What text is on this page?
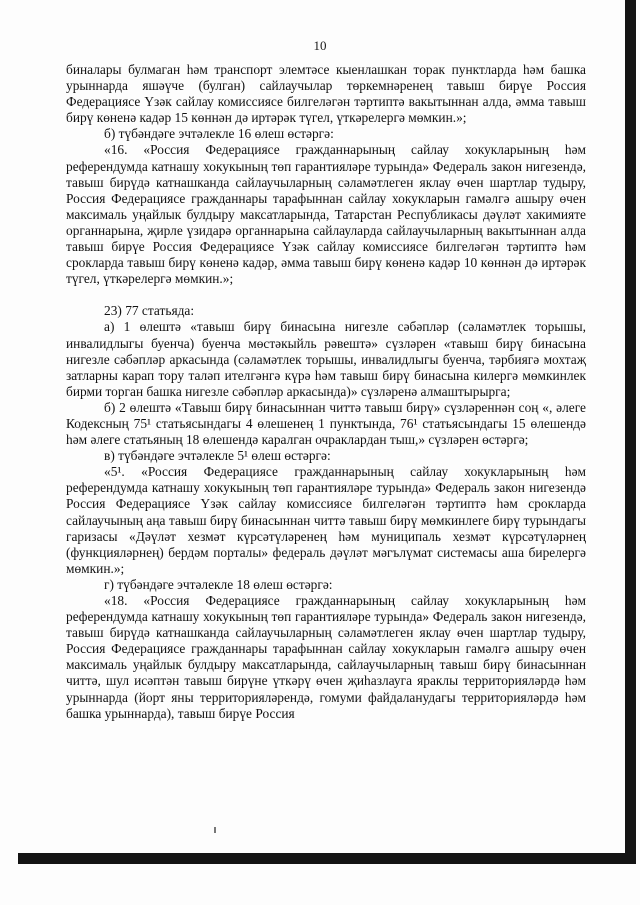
10

биналары булмаган һәм транспорт элемтәсе кыенлашкан торак пунктларда һәм башка урыннарда яшәүче (булган) сайлаучылар төркемнәренең тавыш бирүе Россия Федерациясе Үзәк сайлау комиссиясе билгеләгән тәртиптә вакытыннан алда, әмма тавыш бирү көненә кадәр 15 көннән дә иртәрәк түгел, үткәрелергә мөмкин.»;

б) түбәндәге эчтәлекле 16 өлеш өстәргә:

«16. «Россия Федерациясе гражданнарының сайлау хокукларының һәм референдумда катнашу хокукының төп гарантияләре турында» Федераль закон нигезендә, тавыш бирүдә катнашканда сайлаучыларның сәламәтлеген яклау өчен шартлар тудыру, Россия Федерациясе гражданнары тарафыннан сайлау хокукларын гамәлгә ашыру өчен максималь уңайлык булдыру максатларында, Татарстан Республикасы дәүләт хакимияте органнарына, җирле үзидарә органнарына сайлауларда сайлаучыларның вакытыннан алда тавыш бирүе Россия Федерациясе Үзәк сайлау комиссиясе билгеләгән тәртиптә һәм срокларда тавыш бирү көненә кадәр, әмма тавыш бирү көненә кадәр 10 көннән дә иртәрәк түгел, үткәрелергә мөмкин.»;

23) 77 статьяда:

а) 1 өлештә «тавыш бирү бинасына нигезле сәбәпләр (сәламәтлек торышы, инвалидлыгы буенча) буенча мөстәкыйль рәвештә» сүзләрен «тавыш бирү бинасына нигезле сәбәпләр аркасында (сәламәтлек торышы, инвалидлыгы буенча, тәрбиягә мохтаҗ затларны карап тору таләп ителгәнгә күрә һәм тавыш бирү бинасына килергә мөмкинлек бирми торган башка нигезле сәбәпләр аркасында)» сүзләренә алмаштырырга;

б) 2 өлештә «Тавыш бирү бинасыннан читтә тавыш бирү» сүзләреннән соң «, әлеге Кодексның 75¹ статьясындагы 4 өлешенең 1 пунктында, 76¹ статьясындагы 15 өлешендә һәм әлеге статьяның 18 өлешендә каралган очраклардан тыш,» сүзләрен өстәргә;

в) түбәндәге эчтәлекле 5¹ өлеш өстәргә:

«5¹. «Россия Федерациясе гражданнарының сайлау хокукларының һәм референдумда катнашу хокукының төп гарантияләре турында» Федераль закон нигезендә Россия Федерациясе Үзәк сайлау комиссиясе билгеләгән тәртиптә һәм срокларда сайлаучының аңа тавыш бирү бинасыннан читтә тавыш бирү мөмкинлеге бирү турындагы гаризасы «Дәүләт хезмәт күрсәтүләренең һәм муниципаль хезмәт күрсәтүләрнең (функцияләрнең) бердәм порталы» федераль дәүләт мәгълүмат системасы аша бирелергә мөмкин.»;

г) түбәндәге эчтәлекле 18 өлеш өстәргә:

«18. «Россия Федерациясе гражданнарының сайлау хокукларының һәм референдумда катнашу хокукының төп гарантияләре турында» Федераль закон нигезендә, тавыш бирүдә катнашканда сайлаучыларның сәламәтлеген яклау өчен шартлар тудыру, Россия Федерациясе гражданнары тарафыннан сайлау хокукларын гамәлгә ашыру өчен максималь уңайлык булдыру максатларында, сайлаучыларның тавыш бирү бинасыннан читтә, шул исәптән тавыш бирүне үткәрү өчен җиһазлаугa яраклы территорияләрдә һәм урыннарда (йорт яны территорияләрендә, гомуми файдаланудагы территорияләрдә һәм башка урыннарда), тавыш бирүе Россия
